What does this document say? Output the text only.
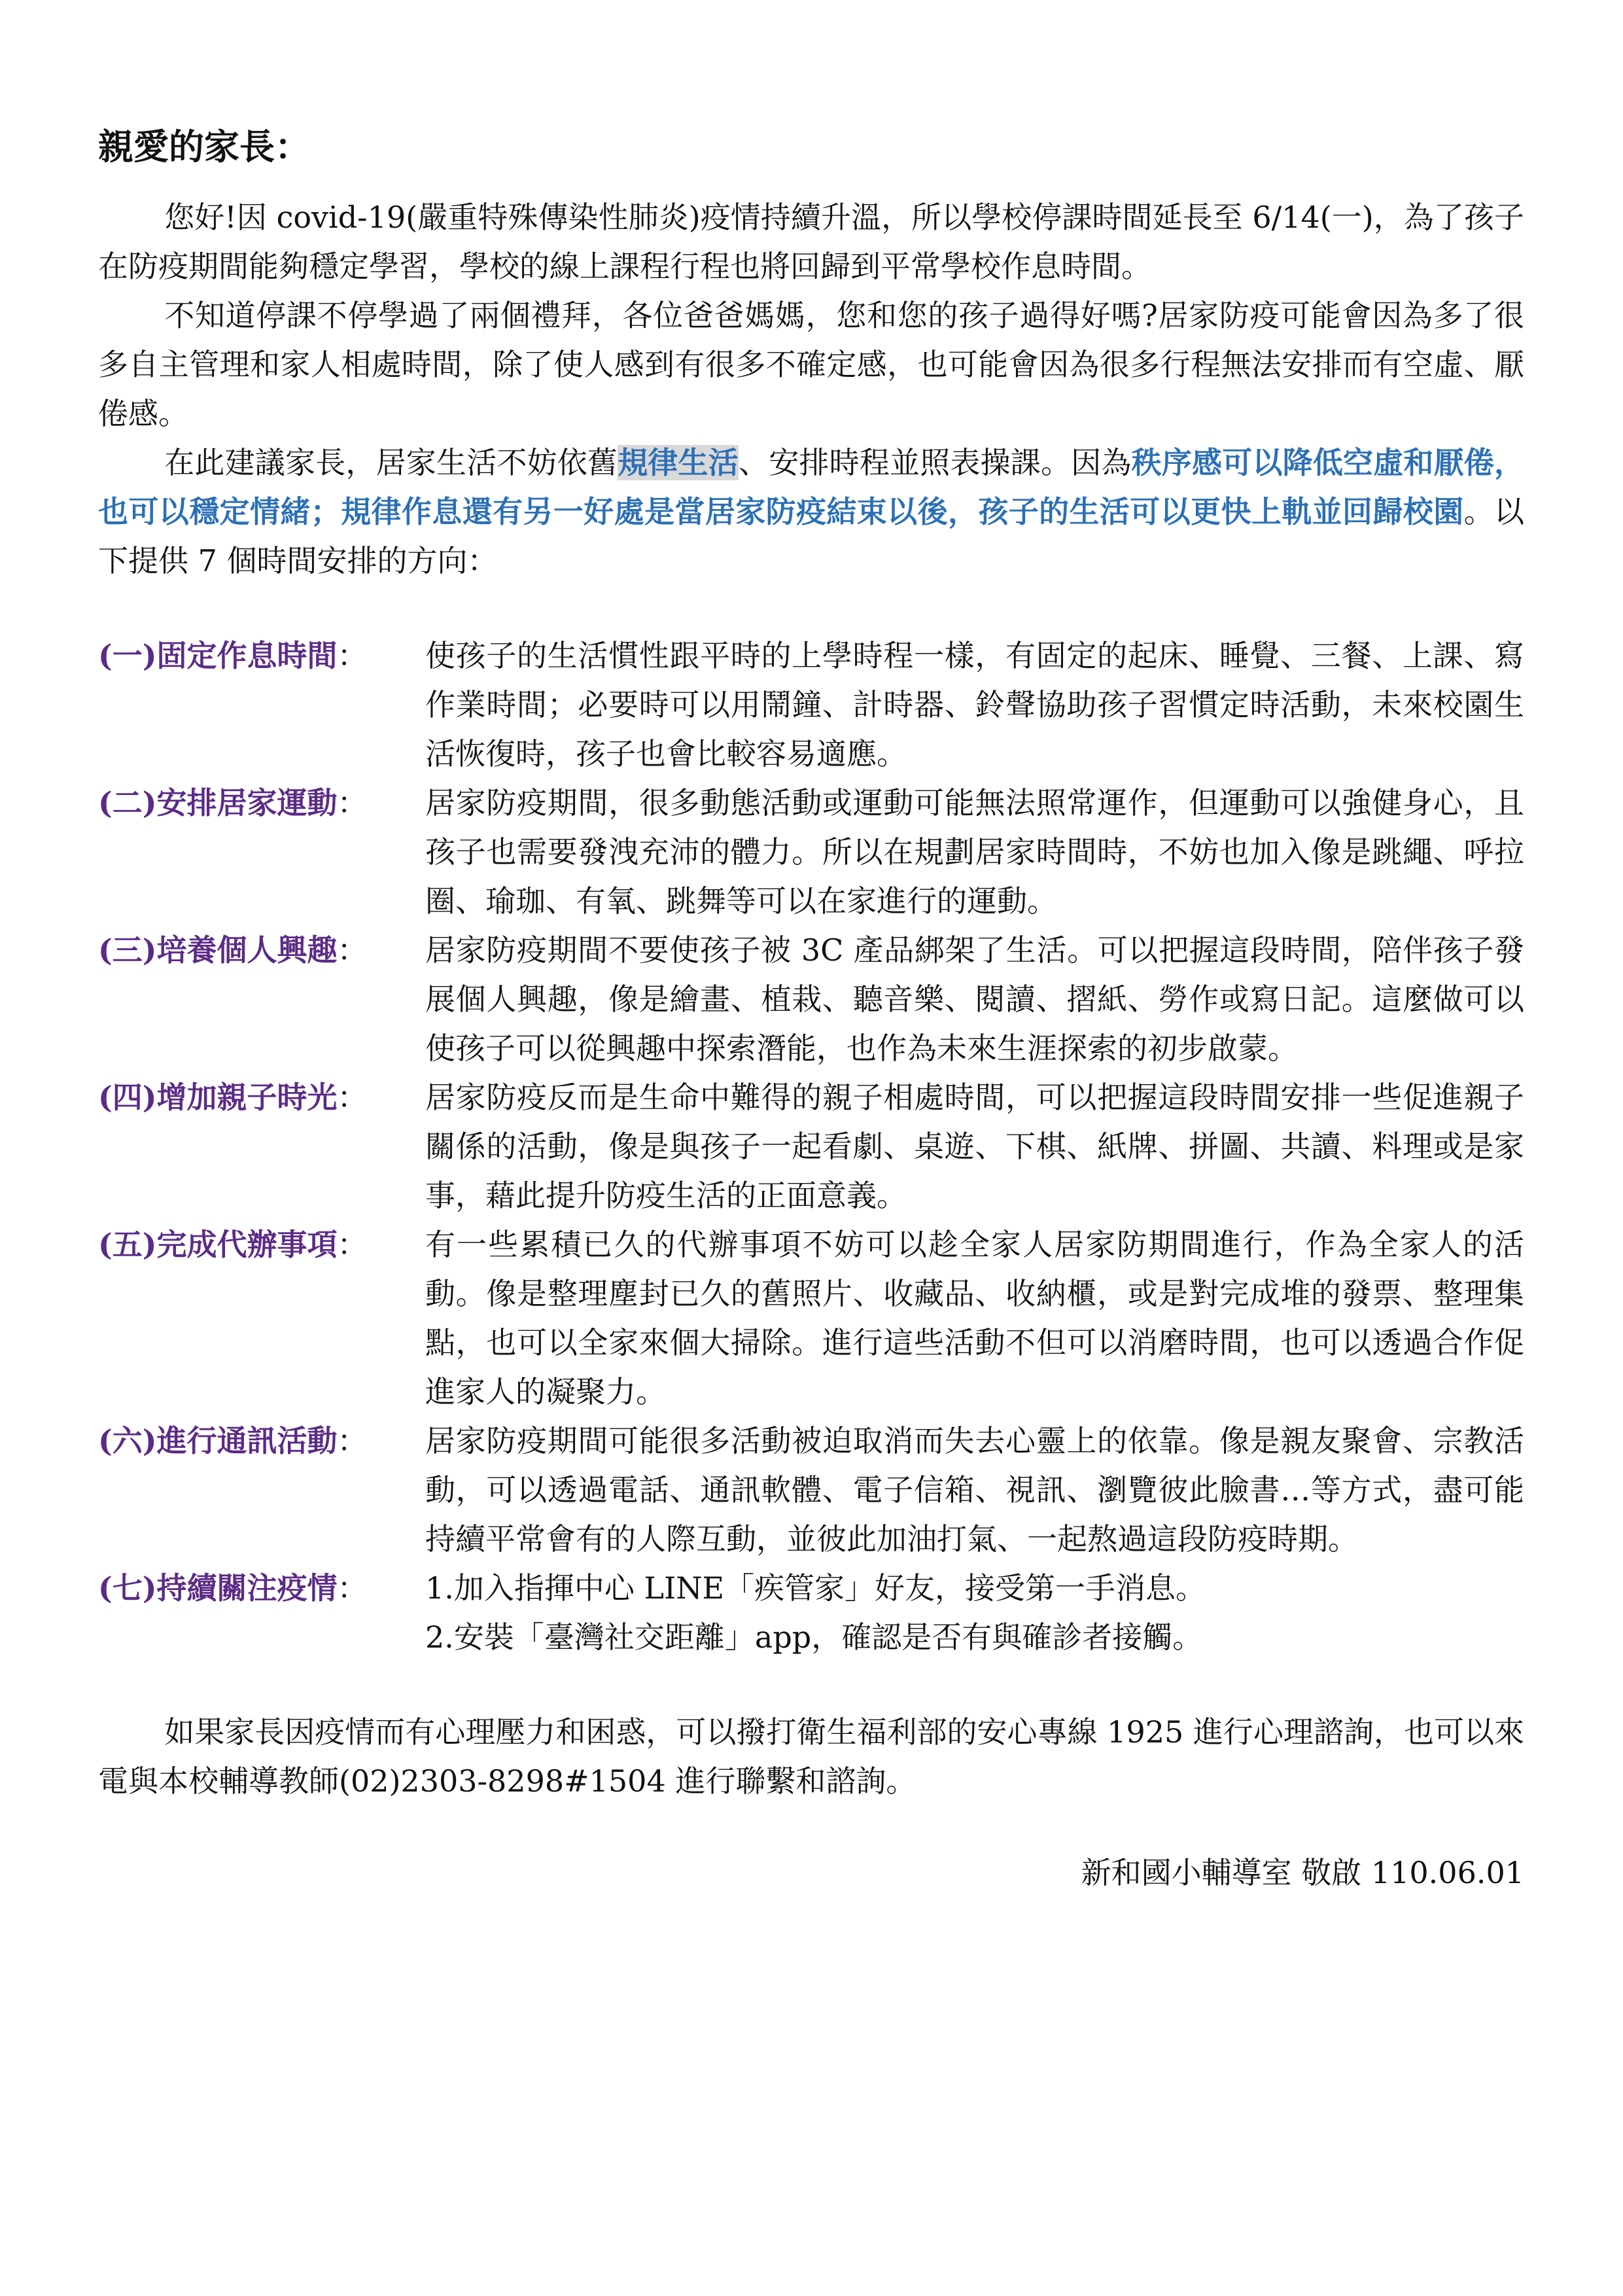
親愛的家長：

您好!因 covid-19(嚴重特殊傳染性肺炎)疫情持續升溫，所以學校停課時間延長至 6/14(一)，為了孩子在防疫期間能夠穩定學習，學校的線上課程行程也將回歸到平常學校作息時間。

不知道停課不停學過了兩個禮拜，各位爸爸媽媽，您和您的孩子過得好嗎?居家防疫可能會因為多了很多自主管理和家人相處時間，除了使人感到有很多不確定感，也可能會因為很多行程無法安排而有空虛、厭倦感。

在此建議家長，居家生活不妨依舊規律生活、安排時程並照表操課。因為秩序感可以降低空虛和厭倦，也可以穩定情緒；規律作息還有另一好處是當居家防疫結束以後，孩子的生活可以更快上軌並回歸校園。以下提供 7 個時間安排的方向：

(一)固定作息時間：	使孩子的生活慣性跟平時的上學時程一樣，有固定的起床、睡覺、三餐、上課、寫作業時間；必要時可以用鬧鐘、計時器、鈴聲協助孩子習慣定時活動，未來校園生活恢復時，孩子也會比較容易適應。
(二)安排居家運動：	居家防疫期間，很多動態活動或運動可能無法照常運作，但運動可以強健身心，且孩子也需要發洩充沛的體力。所以在規劃居家時間時，不妨也加入像是跳繩、呼拉圈、瑜珈、有氧、跳舞等可以在家進行的運動。
(三)培養個人興趣：	居家防疫期間不要使孩子被 3C 產品綁架了生活。可以把握這段時間，陪伴孩子發展個人興趣，像是繪畫、植栽、聽音樂、閱讀、摺紙、勞作或寫日記。這麼做可以使孩子可以從興趣中探索潛能，也作為未來生涯探索的初步啟蒙。
(四)增加親子時光：	居家防疫反而是生命中難得的親子相處時間，可以把握這段時間安排一些促進親子關係的活動，像是與孩子一起看劇、桌遊、下棋、紙牌、拼圖、共讀、料理或是家事，藉此提升防疫生活的正面意義。
(五)完成代辦事項：	有一些累積已久的代辦事項不妨可以趁全家人居家防期間進行，作為全家人的活動。像是整理塵封已久的舊照片、收藏品、收納櫃，或是對完成堆的發票、整理集點，也可以全家來個大掃除。進行這些活動不但可以消磨時間，也可以透過合作促進家人的凝聚力。
(六)進行通訊活動：	居家防疫期間可能很多活動被迫取消而失去心靈上的依靠。像是親友聚會、宗教活動，可以透過電話、通訊軟體、電子信箱、視訊、瀏覽彼此臉書…等方式，盡可能持續平常會有的人際互動，並彼此加油打氣、一起熬過這段防疫時期。
(七)持續關注疫情：	1.加入指揮中心 LINE「疾管家」好友，接受第一手消息。
2.安裝「臺灣社交距離」app，確認是否有與確診者接觸。

如果家長因疫情而有心理壓力和困惑，可以撥打衛生福利部的安心專線 1925 進行心理諮詢，也可以來電與本校輔導教師(02)2303-8298#1504 進行聯繫和諮詢。

新和國小輔導室 敬啟 110.06.01
